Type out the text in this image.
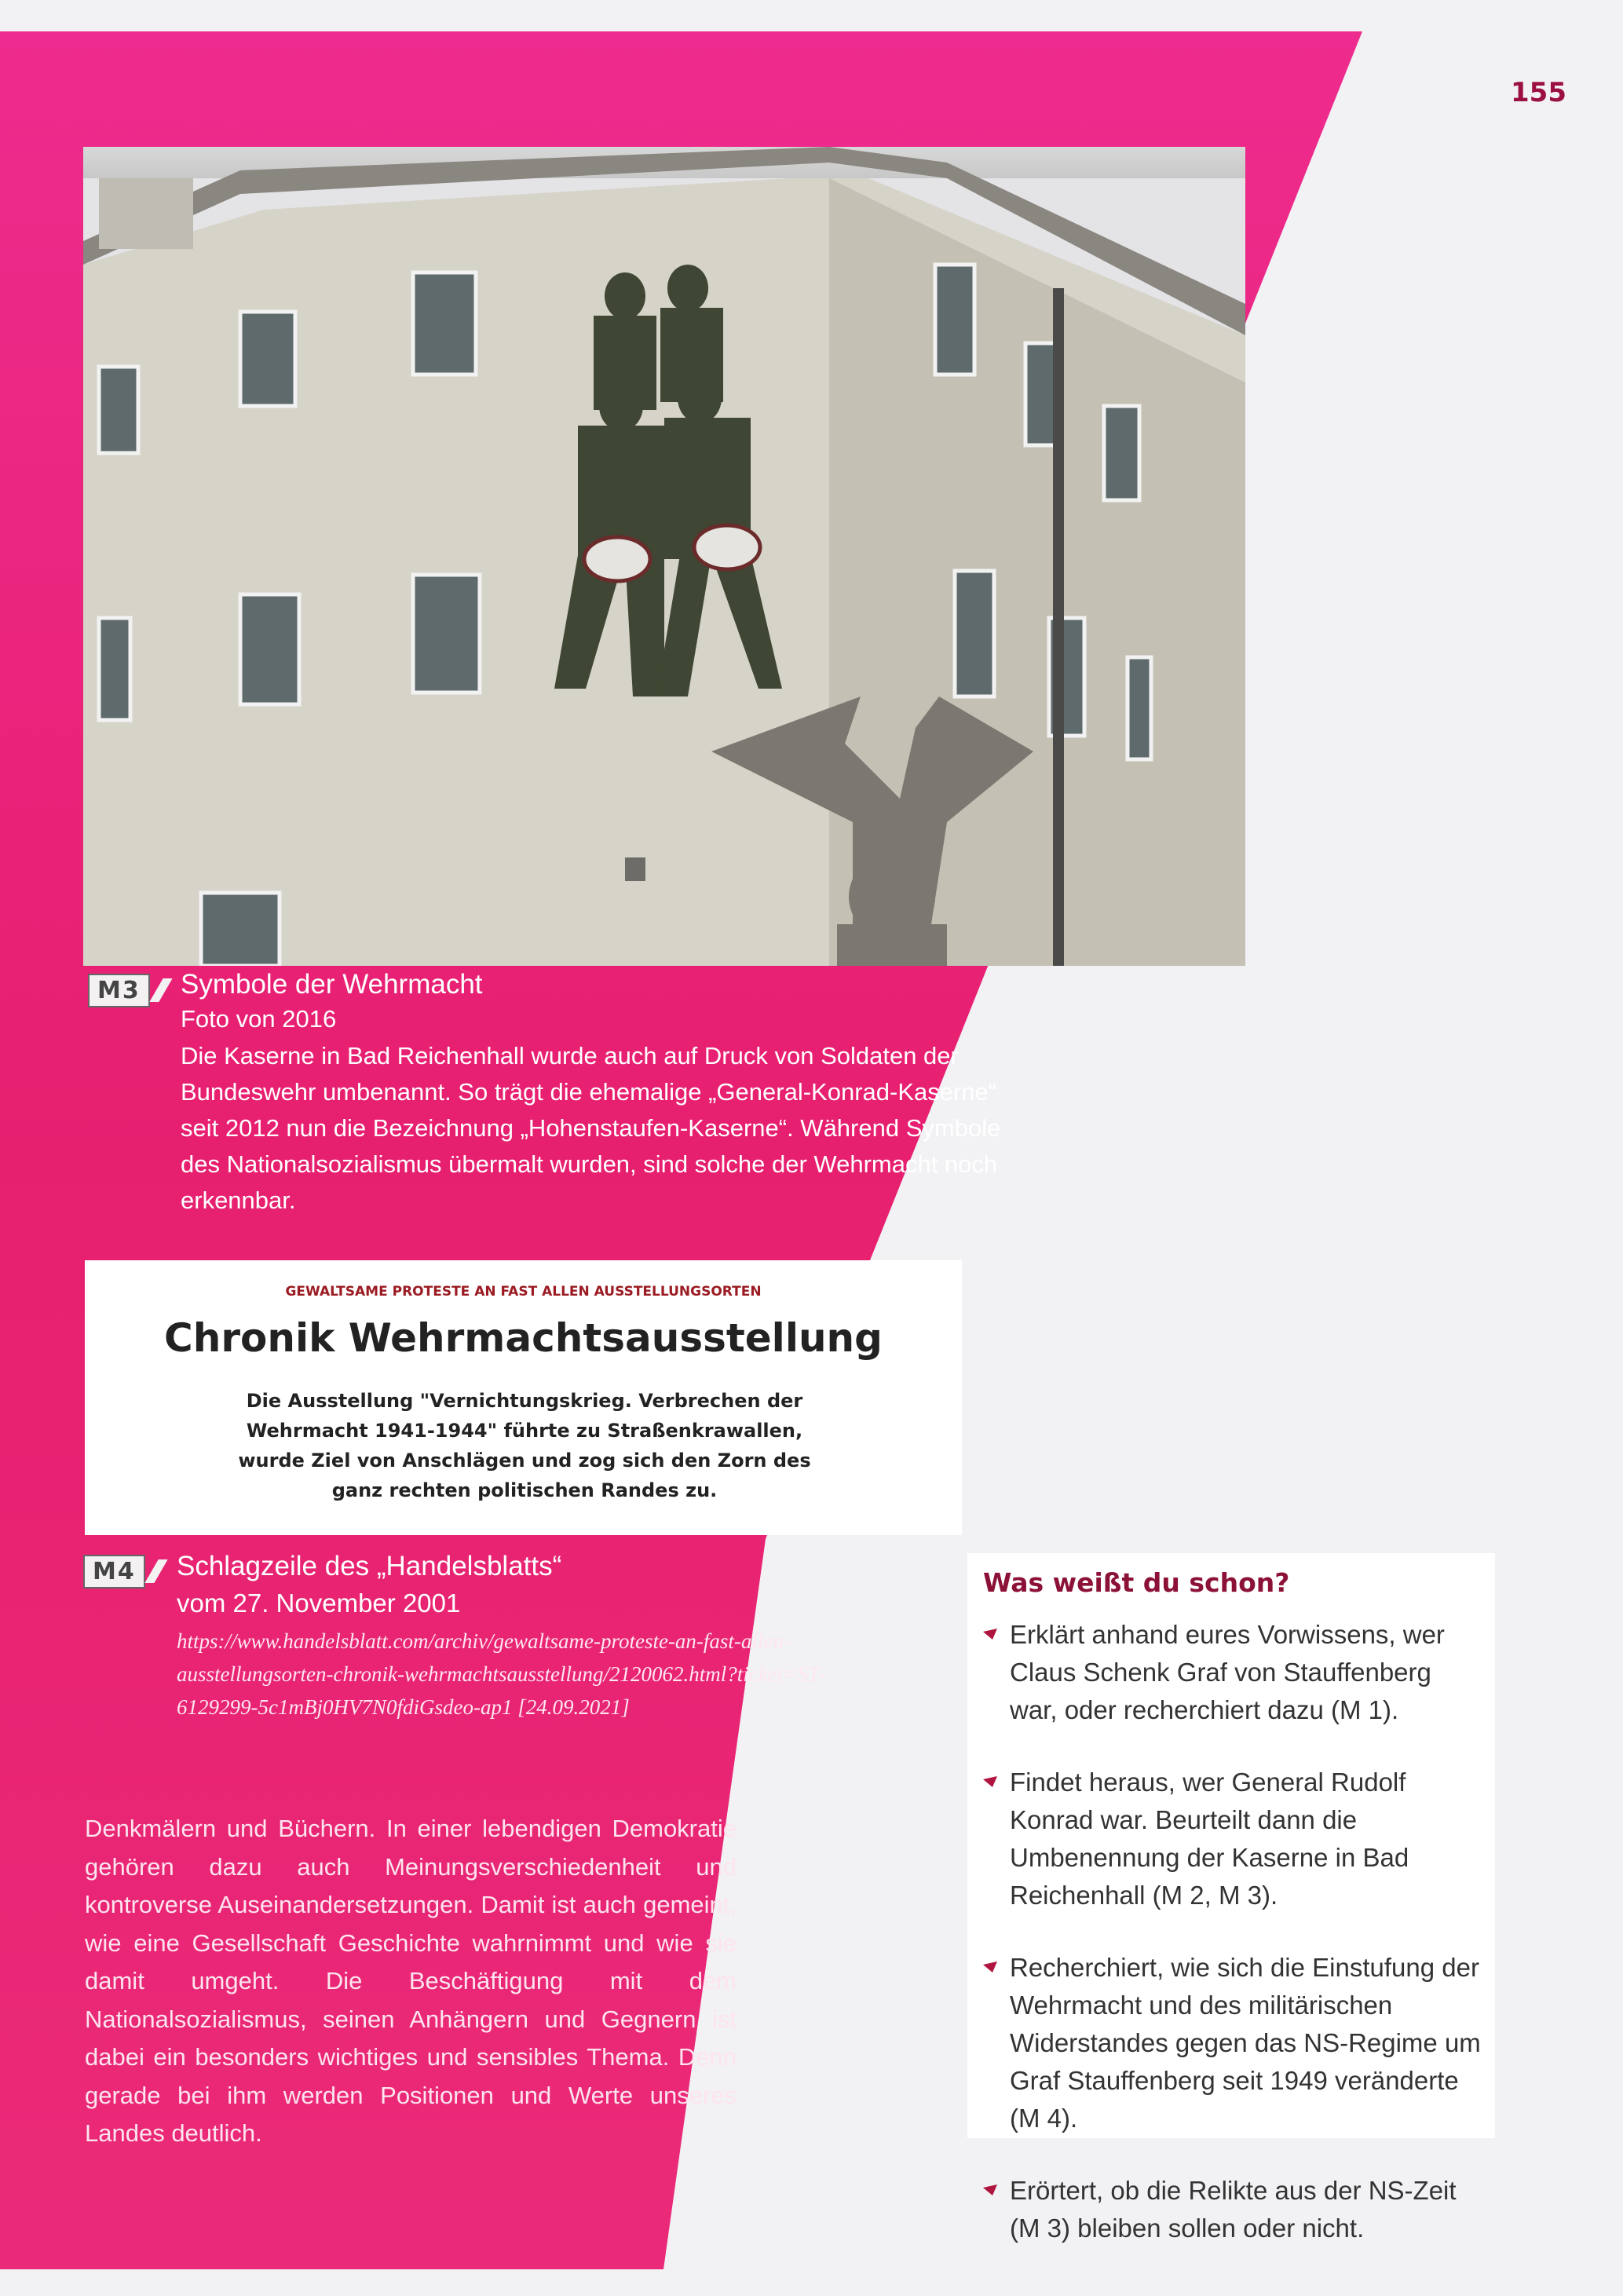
155
M3	Symbole der Wehrmacht
Foto von 2016

Die Kaserne in Bad Reichenhall wurde auch auf Druck von Soldaten der Bundeswehr umbenannt. So trägt die ehemalige „General-Konrad-Kaserne“ seit 2012 nun die Bezeichnung „Hohenstaufen-Kaserne“. Während Symbole des Nationalsozialismus übermalt wurden, sind solche der Wehrmacht noch erkennbar.

GEWALTSAME PROTESTE AN FAST ALLEN AUSSTELLUNGSORTEN
Chronik Wehrmachtsausstellung
Die Ausstellung "Vernichtungskrieg. Verbrechen der Wehrmacht 1941-1944" führte zu Straßenkrawallen, wurde Ziel von Anschlägen und zog sich den Zorn des ganz rechten politischen Randes zu.
M4	Schlagzeile des „Handelsblatts“
vom 27. November 2001

https://www.handelsblatt.com/archiv/gewaltsame-proteste-an-fast-allen-ausstellungsorten-chronik-wehrmachtsausstellung/2120062.html?ticket=ST-6129299-5c1mBj0HV7N0fdiGsdeo-ap1 [24.09.2021]

Denkmälern und Büchern. In einer lebendigen Demokratie gehören dazu auch Meinungsverschiedenheit und kontroverse Auseinandersetzungen. Damit ist auch gemeint, wie eine Gesellschaft Geschichte wahrnimmt und wie sie damit umgeht. Die Beschäftigung mit dem Nationalsozialismus, seinen Anhängern und Gegnern ist dabei ein besonders wichtiges und sensibles Thema. Denn gerade bei ihm werden Positionen und Werte unseres Landes deutlich.

Was weißt du schon?
Erklärt anhand eures Vorwissens, wer Claus Schenk Graf von Stauffenberg war, oder recherchiert dazu (M 1).
Findet heraus, wer General Rudolf Konrad war. Beurteilt dann die Umbenennung der Kaserne in Bad Reichenhall (M 2, M 3).
Recherchiert, wie sich die Einstufung der Wehrmacht und des militärischen Widerstandes gegen das NS-Regime um Graf Stauffenberg seit 1949 veränderte (M 4).
Erörtert, ob die Relikte aus der NS-Zeit (M 3) bleiben sollen oder nicht.
